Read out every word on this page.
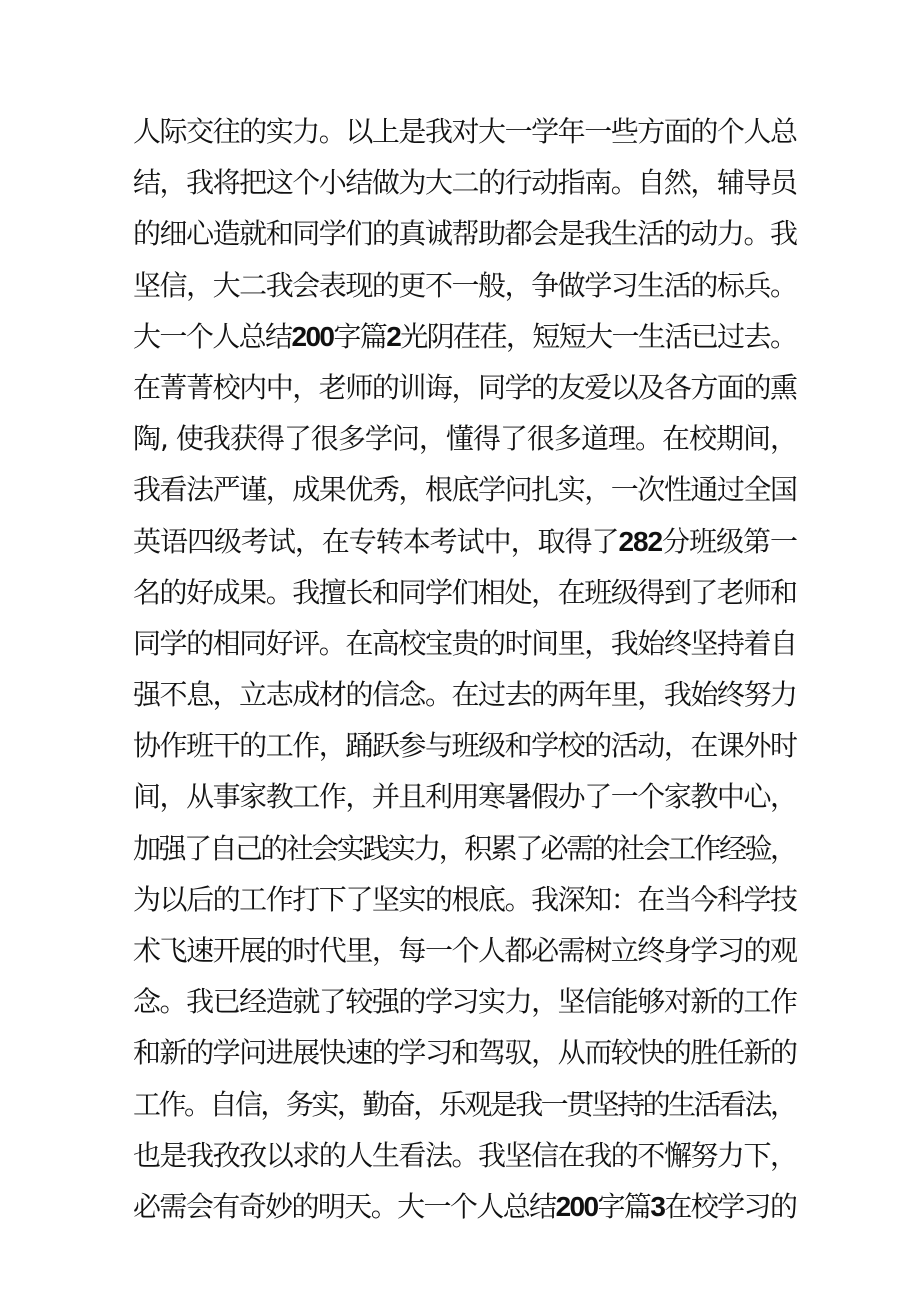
人际交往的实力。以上是我对大一学年一些方面的个人总
结，我将把这个小结做为大二的行动指南。自然，辅导员
的细心造就和同学们的真诚帮助都会是我生活的动力。我
坚信，大二我会表现的更不一般，争做学习生活的标兵。
大一个人总结200字篇2光阴荏荏，短短大一生活已过去。
在菁菁校内中，老师的训诲，同学的友爱以及各方面的熏
陶, 使我获得了很多学问，懂得了很多道理。在校期间，
我看法严谨，成果优秀，根底学问扎实，一次性通过全国
英语四级考试，在专转本考试中，取得了282分班级第一
名的好成果。我擅长和同学们相处，在班级得到了老师和
同学的相同好评。在高校宝贵的时间里，我始终坚持着自
强不息，立志成材的信念。在过去的两年里，我始终努力
协作班干的工作，踊跃参与班级和学校的活动，在课外时
间，从事家教工作，并且利用寒暑假办了一个家教中心，
加强了自己的社会实践实力，积累了必需的社会工作经验，
为以后的工作打下了坚实的根底。我深知：在当今科学技
术飞速开展的时代里，每一个人都必需树立终身学习的观
念。我已经造就了较强的学习实力，坚信能够对新的工作
和新的学问进展快速的学习和驾驭，从而较快的胜任新的
工作。自信，务实，勤奋，乐观是我一贯坚持的生活看法，
也是我孜孜以求的人生看法。我坚信在我的不懈努力下，
必需会有奇妙的明天。大一个人总结200字篇3在校学习的
